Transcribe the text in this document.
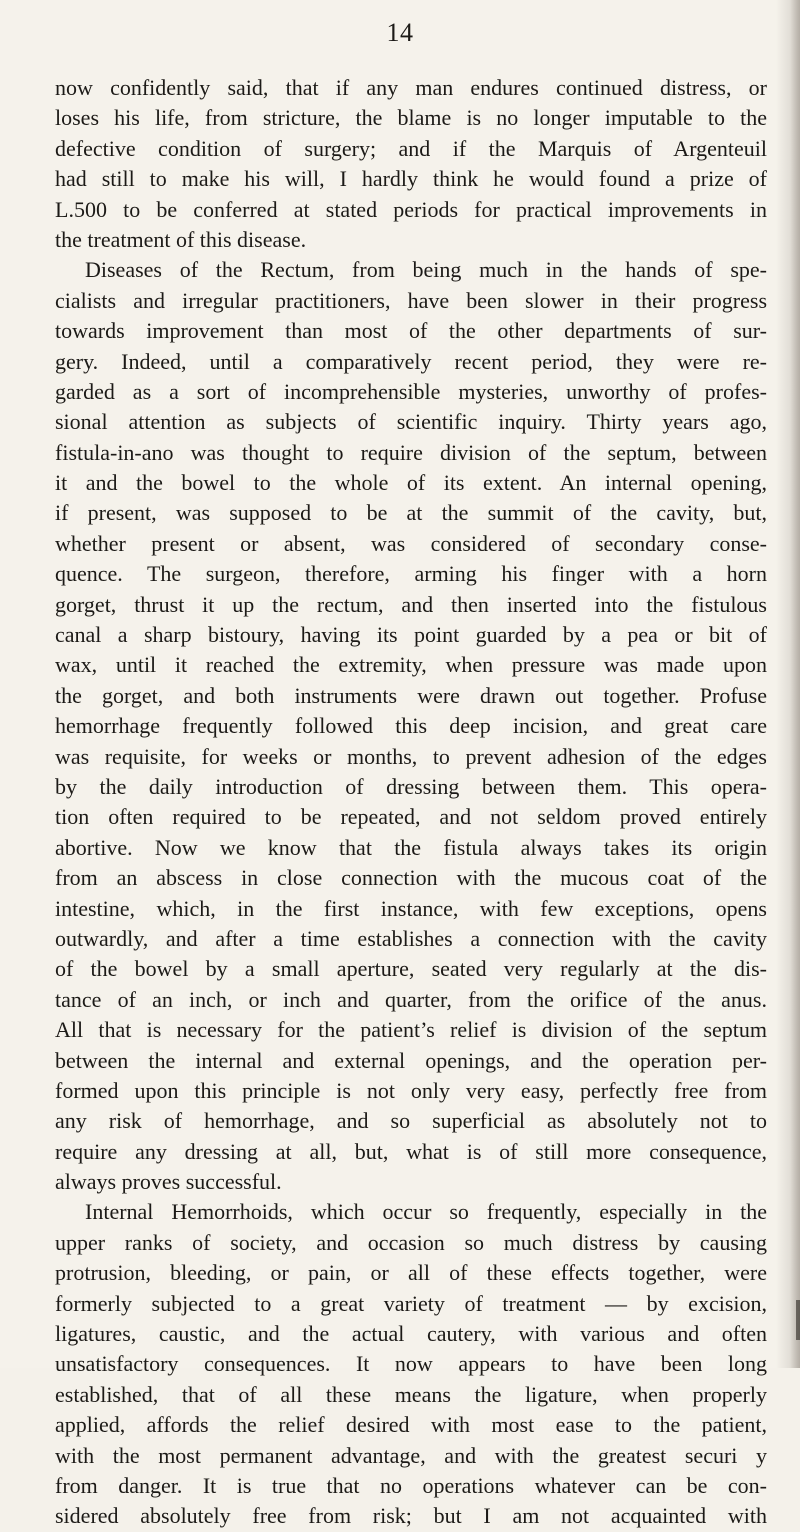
14
now confidently said, that if any man endures continued distress, or
loses his life, from stricture, the blame is no longer imputable to the
defective condition of surgery; and if the Marquis of Argenteuil
had still to make his will, I hardly think he would found a prize of
L.500 to be conferred at stated periods for practical improvements in
the treatment of this disease.
Diseases of the Rectum, from being much in the hands of spe-
cialists and irregular practitioners, have been slower in their progress
towards improvement than most of the other departments of sur-
gery. Indeed, until a comparatively recent period, they were re-
garded as a sort of incomprehensible mysteries, unworthy of profes-
sional attention as subjects of scientific inquiry. Thirty years ago,
fistula-in-ano was thought to require division of the septum, between
it and the bowel to the whole of its extent. An internal opening,
if present, was supposed to be at the summit of the cavity, but,
whether present or absent, was considered of secondary conse-
quence. The surgeon, therefore, arming his finger with a horn
gorget, thrust it up the rectum, and then inserted into the fistulous
canal a sharp bistoury, having its point guarded by a pea or bit of
wax, until it reached the extremity, when pressure was made upon
the gorget, and both instruments were drawn out together. Profuse
hemorrhage frequently followed this deep incision, and great care
was requisite, for weeks or months, to prevent adhesion of the edges
by the daily introduction of dressing between them. This opera-
tion often required to be repeated, and not seldom proved entirely
abortive. Now we know that the fistula always takes its origin
from an abscess in close connection with the mucous coat of the
intestine, which, in the first instance, with few exceptions, opens
outwardly, and after a time establishes a connection with the cavity
of the bowel by a small aperture, seated very regularly at the dis-
tance of an inch, or inch and quarter, from the orifice of the anus.
All that is necessary for the patient’s relief is division of the septum
between the internal and external openings, and the operation per-
formed upon this principle is not only very easy, perfectly free from
any risk of hemorrhage, and so superficial as absolutely not to
require any dressing at all, but, what is of still more consequence,
always proves successful.
Internal Hemorrhoids, which occur so frequently, especially in the
upper ranks of society, and occasion so much distress by causing
protrusion, bleeding, or pain, or all of these effects together, were
formerly subjected to a great variety of treatment — by excision,
ligatures, caustic, and the actual cautery, with various and often
unsatisfactory consequences. It now appears to have been long
established, that of all these means the ligature, when properly
applied, affords the relief desired with most ease to the patient,
with the most permanent advantage, and with the greatest securi y
from danger. It is true that no operations whatever can be con-
sidered absolutely free from risk; but I am not acquainted with
